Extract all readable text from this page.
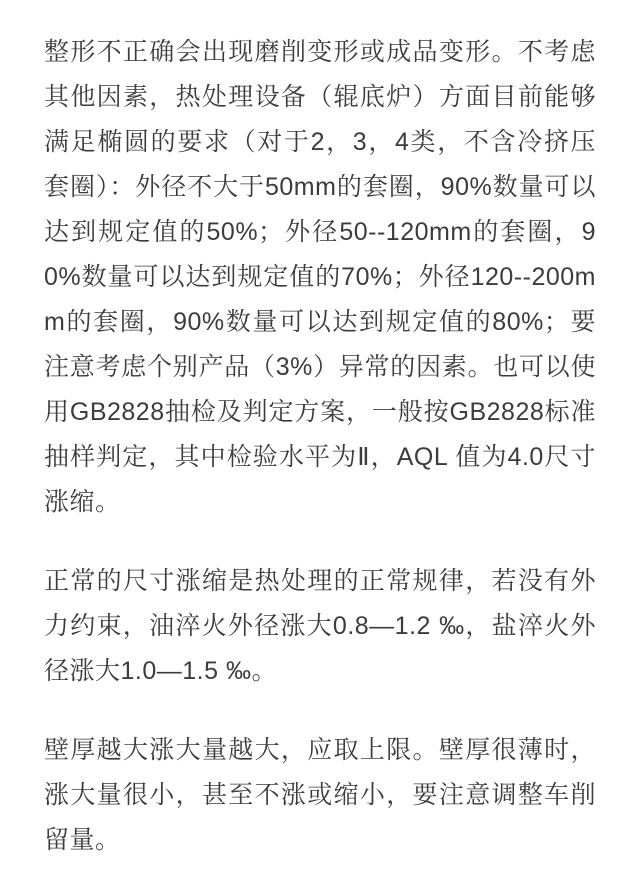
整形不正确会出现磨削变形或成品变形。不考虑其他因素，热处理设备（辊底炉）方面目前能够满足椭圆的要求（对于2，3，4类，不含冷挤压套圈）：外径不大于50mm的套圈，90%数量可以达到规定值的50%；外径50--120mm的套圈，90%数量可以达到规定值的70%；外径120--200mm的套圈，90%数量可以达到规定值的80%；要注意考虑个别产品（3%）异常的因素。也可以使用GB2828抽检及判定方案，一般按GB2828标准抽样判定，其中检验水平为Ⅱ，AQL 值为4.0尺寸涨缩。

正常的尺寸涨缩是热处理的正常规律，若没有外力约束，油淬火外径涨大0.8—1.2 ‰，盐淬火外径涨大1.0—1.5 ‰。

壁厚越大涨大量越大，应取上限。壁厚很薄时，涨大量很小，甚至不涨或缩小，要注意调整车削留量。
